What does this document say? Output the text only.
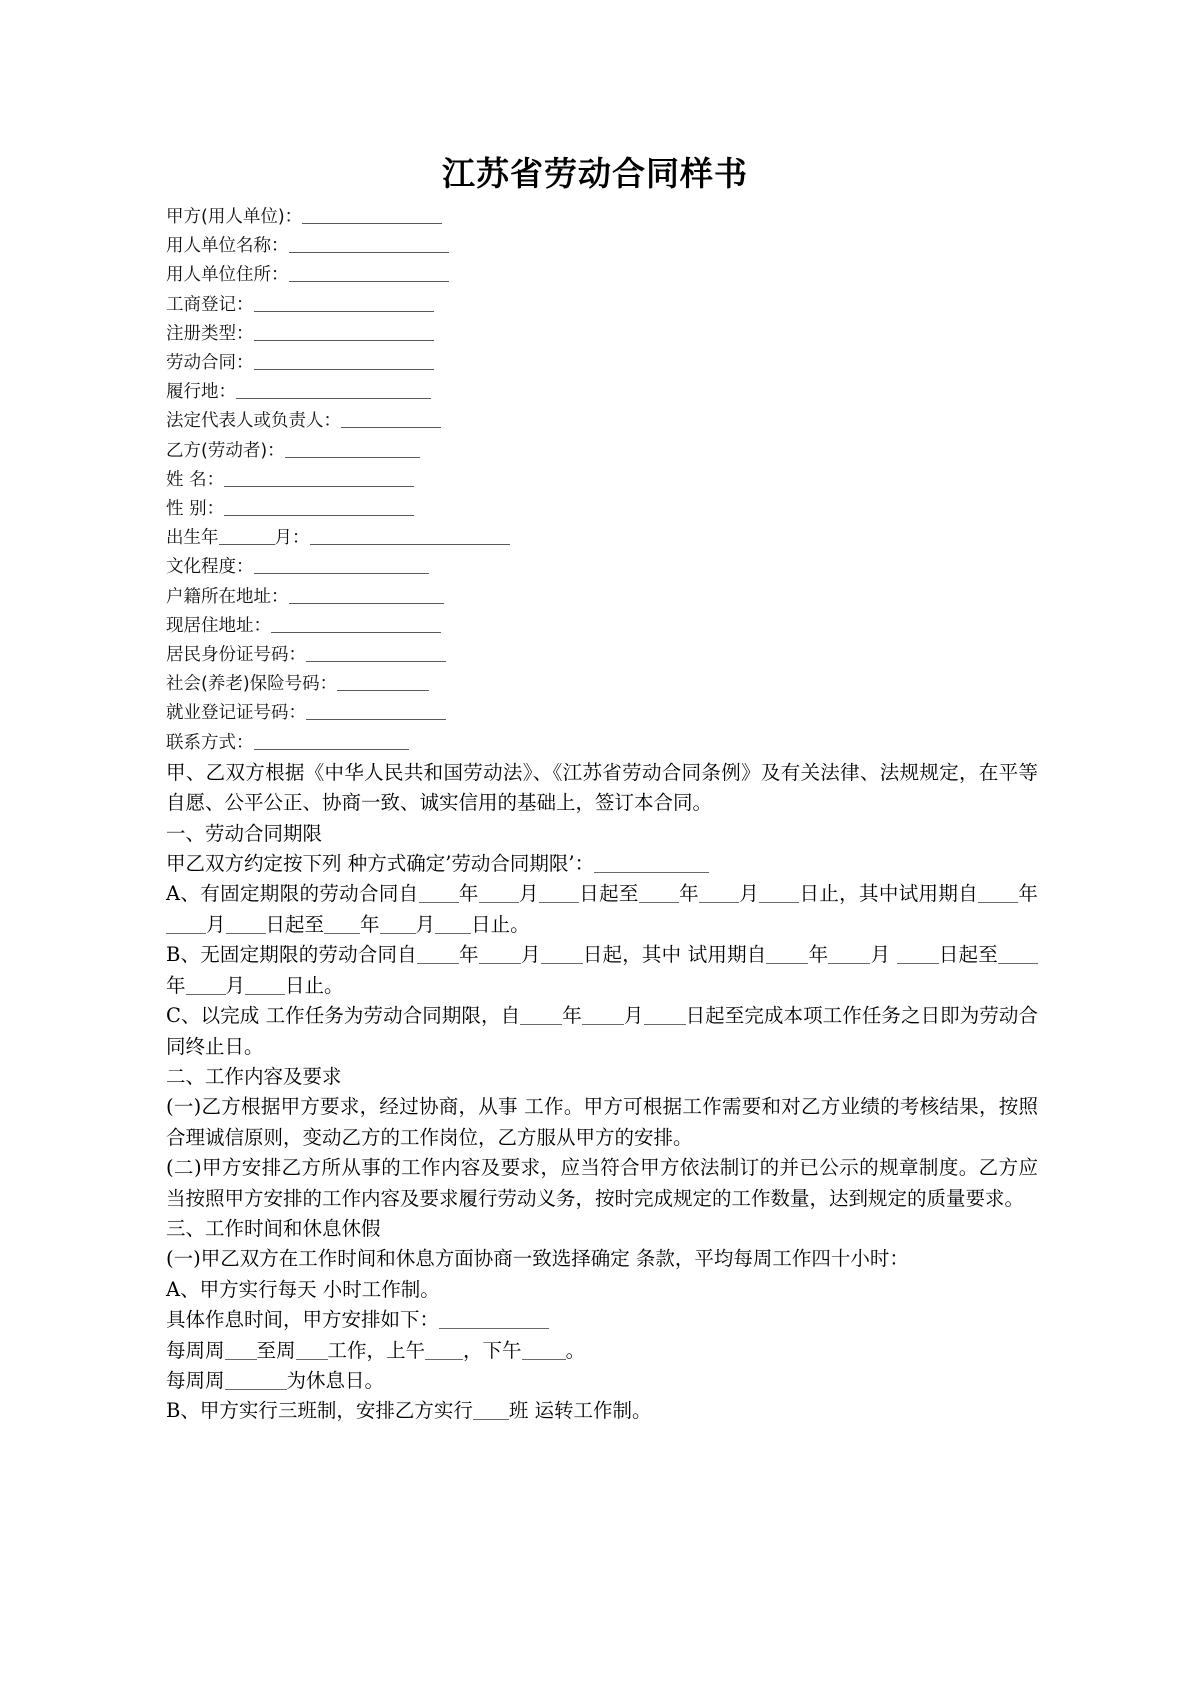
江苏省劳动合同样书
甲方(用人单位)：
用人单位名称：
用人单位住所：
工商登记：
注册类型：
劳动合同：
履行地：
法定代表人或负责人：
乙方(劳动者)：
姓 名：
性 别：
出生年	月：
文化程度：
户籍所在地址：
现居住地址：
居民身份证号码：
社会(养老)保险号码：
就业登记证号码：
联系方式：

甲、乙双方根据《中华人民共和国劳动法》、《江苏省劳动合同条例》及有关法律、法规规定，在平等自愿、公平公正、协商一致、诚实信用的基础上，签订本合同。

一、劳动合同期限

甲乙双方约定按下列 种方式确定’劳动合同期限’：

A、有固定期限的劳动合同自 年 月 日起至 年 月 日止，其中试用期自 年月 日起至 年 月 日止。

B、无固定期限的劳动合同自 年 月 日起，其中 试用期自 年 月 日起至年 月 日止。

C、以完成 工作任务为劳动合同期限，自 年 月 日起至完成本项工作任务之日即为劳动合同终止日。

二、工作内容及要求

(一)乙方根据甲方要求，经过协商，从事 工作。甲方可根据工作需要和对乙方业绩的考核结果，按照合理诚信原则，变动乙方的工作岗位，乙方服从甲方的安排。

(二)甲方安排乙方所从事的工作内容及要求，应当符合甲方依法制订的并已公示的规章制度。乙方应当按照甲方安排的工作内容及要求履行劳动义务，按时完成规定的工作数量，达到规定的质量要求。

三、工作时间和休息休假

(一)甲乙双方在工作时间和休息方面协商一致选择确定 条款，平均每周工作四十小时：

A、甲方实行每天 小时工作制。

具体作息时间，甲方安排如下：

每周周 至周 工作，上午 ，下午 。

每周周	为休息日。

B、甲方实行三班制，安排乙方实行 班 运转工作制。
